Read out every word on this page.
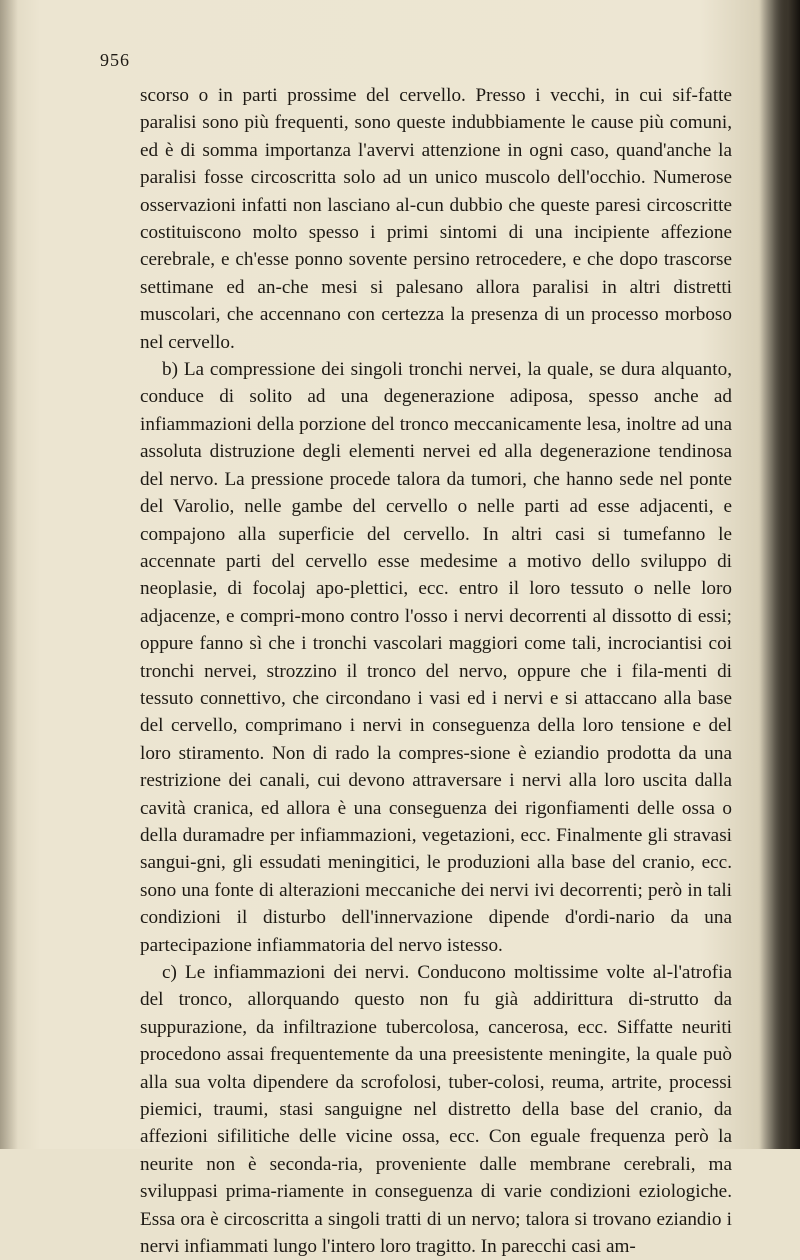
956

scorso o in parti prossime del cervello. Presso i vecchi, in cui sif-fatte paralisi sono più frequenti, sono queste indubbiamente le cause più comuni, ed è di somma importanza l'avervi attenzione in ogni caso, quand'anche la paralisi fosse circoscritta solo ad un unico muscolo dell'occhio. Numerose osservazioni infatti non lasciano al-cun dubbio che queste paresi circoscritte costituiscono molto spesso i primi sintomi di una incipiente affezione cerebrale, e ch'esse ponno sovente persino retrocedere, e che dopo trascorse settimane ed an-che mesi si palesano allora paralisi in altri distretti muscolari, che accennano con certezza la presenza di un processo morboso nel cervello.

b) La compressione dei singoli tronchi nervei, la quale, se dura alquanto, conduce di solito ad una degenerazione adiposa, spesso anche ad infiammazioni della porzione del tronco meccanicamente lesa, inoltre ad una assoluta distruzione degli elementi nervei ed alla degenerazione tendinosa del nervo. La pressione procede talora da tumori, che hanno sede nel ponte del Varolio, nelle gambe del cervello o nelle parti ad esse adjacenti, e compajono alla superficie del cervello. In altri casi si tumefanno le accennate parti del cervello esse medesime a motivo dello sviluppo di neoplasie, di focolaj apo-plettici, ecc. entro il loro tessuto o nelle loro adjacenze, e compri-mono contro l'osso i nervi decorrenti al dissotto di essi; oppure fanno sì che i tronchi vascolari maggiori come tali, incrociantisi coi tronchi nervei, strozzino il tronco del nervo, oppure che i fila-menti di tessuto connettivo, che circondano i vasi ed i nervi e si attaccano alla base del cervello, comprimano i nervi in conseguenza della loro tensione e del loro stiramento. Non di rado la compres-sione è eziandio prodotta da una restrizione dei canali, cui devono attraversare i nervi alla loro uscita dalla cavità cranica, ed allora è una conseguenza dei rigonfiamenti delle ossa o della duramadre per infiammazioni, vegetazioni, ecc. Finalmente gli stravasi sangui-gni, gli essudati meningitici, le produzioni alla base del cranio, ecc. sono una fonte di alterazioni meccaniche dei nervi ivi decorrenti; però in tali condizioni il disturbo dell'innervazione dipende d'ordi-nario da una partecipazione infiammatoria del nervo istesso.

c) Le infiammazioni dei nervi. Conducono moltissime volte al-l'atrofia del tronco, allorquando questo non fu già addirittura di-strutto da suppurazione, da infiltrazione tubercolosa, cancerosa, ecc. Siffatte neuriti procedono assai frequentemente da una preesistente meningite, la quale può alla sua volta dipendere da scrofolosi, tuber-colosi, reuma, artrite, processi piemici, traumi, stasi sanguigne nel distretto della base del cranio, da affezioni sifilitiche delle vicine ossa, ecc. Con eguale frequenza però la neurite non è seconda-ria, proveniente dalle membrane cerebrali, ma sviluppasi prima-riamente in conseguenza di varie condizioni eziologiche. Essa ora è circoscritta a singoli tratti di un nervo; talora si trovano eziandio i nervi infiammati lungo l'intero loro tragitto. In parecchi casi am-
